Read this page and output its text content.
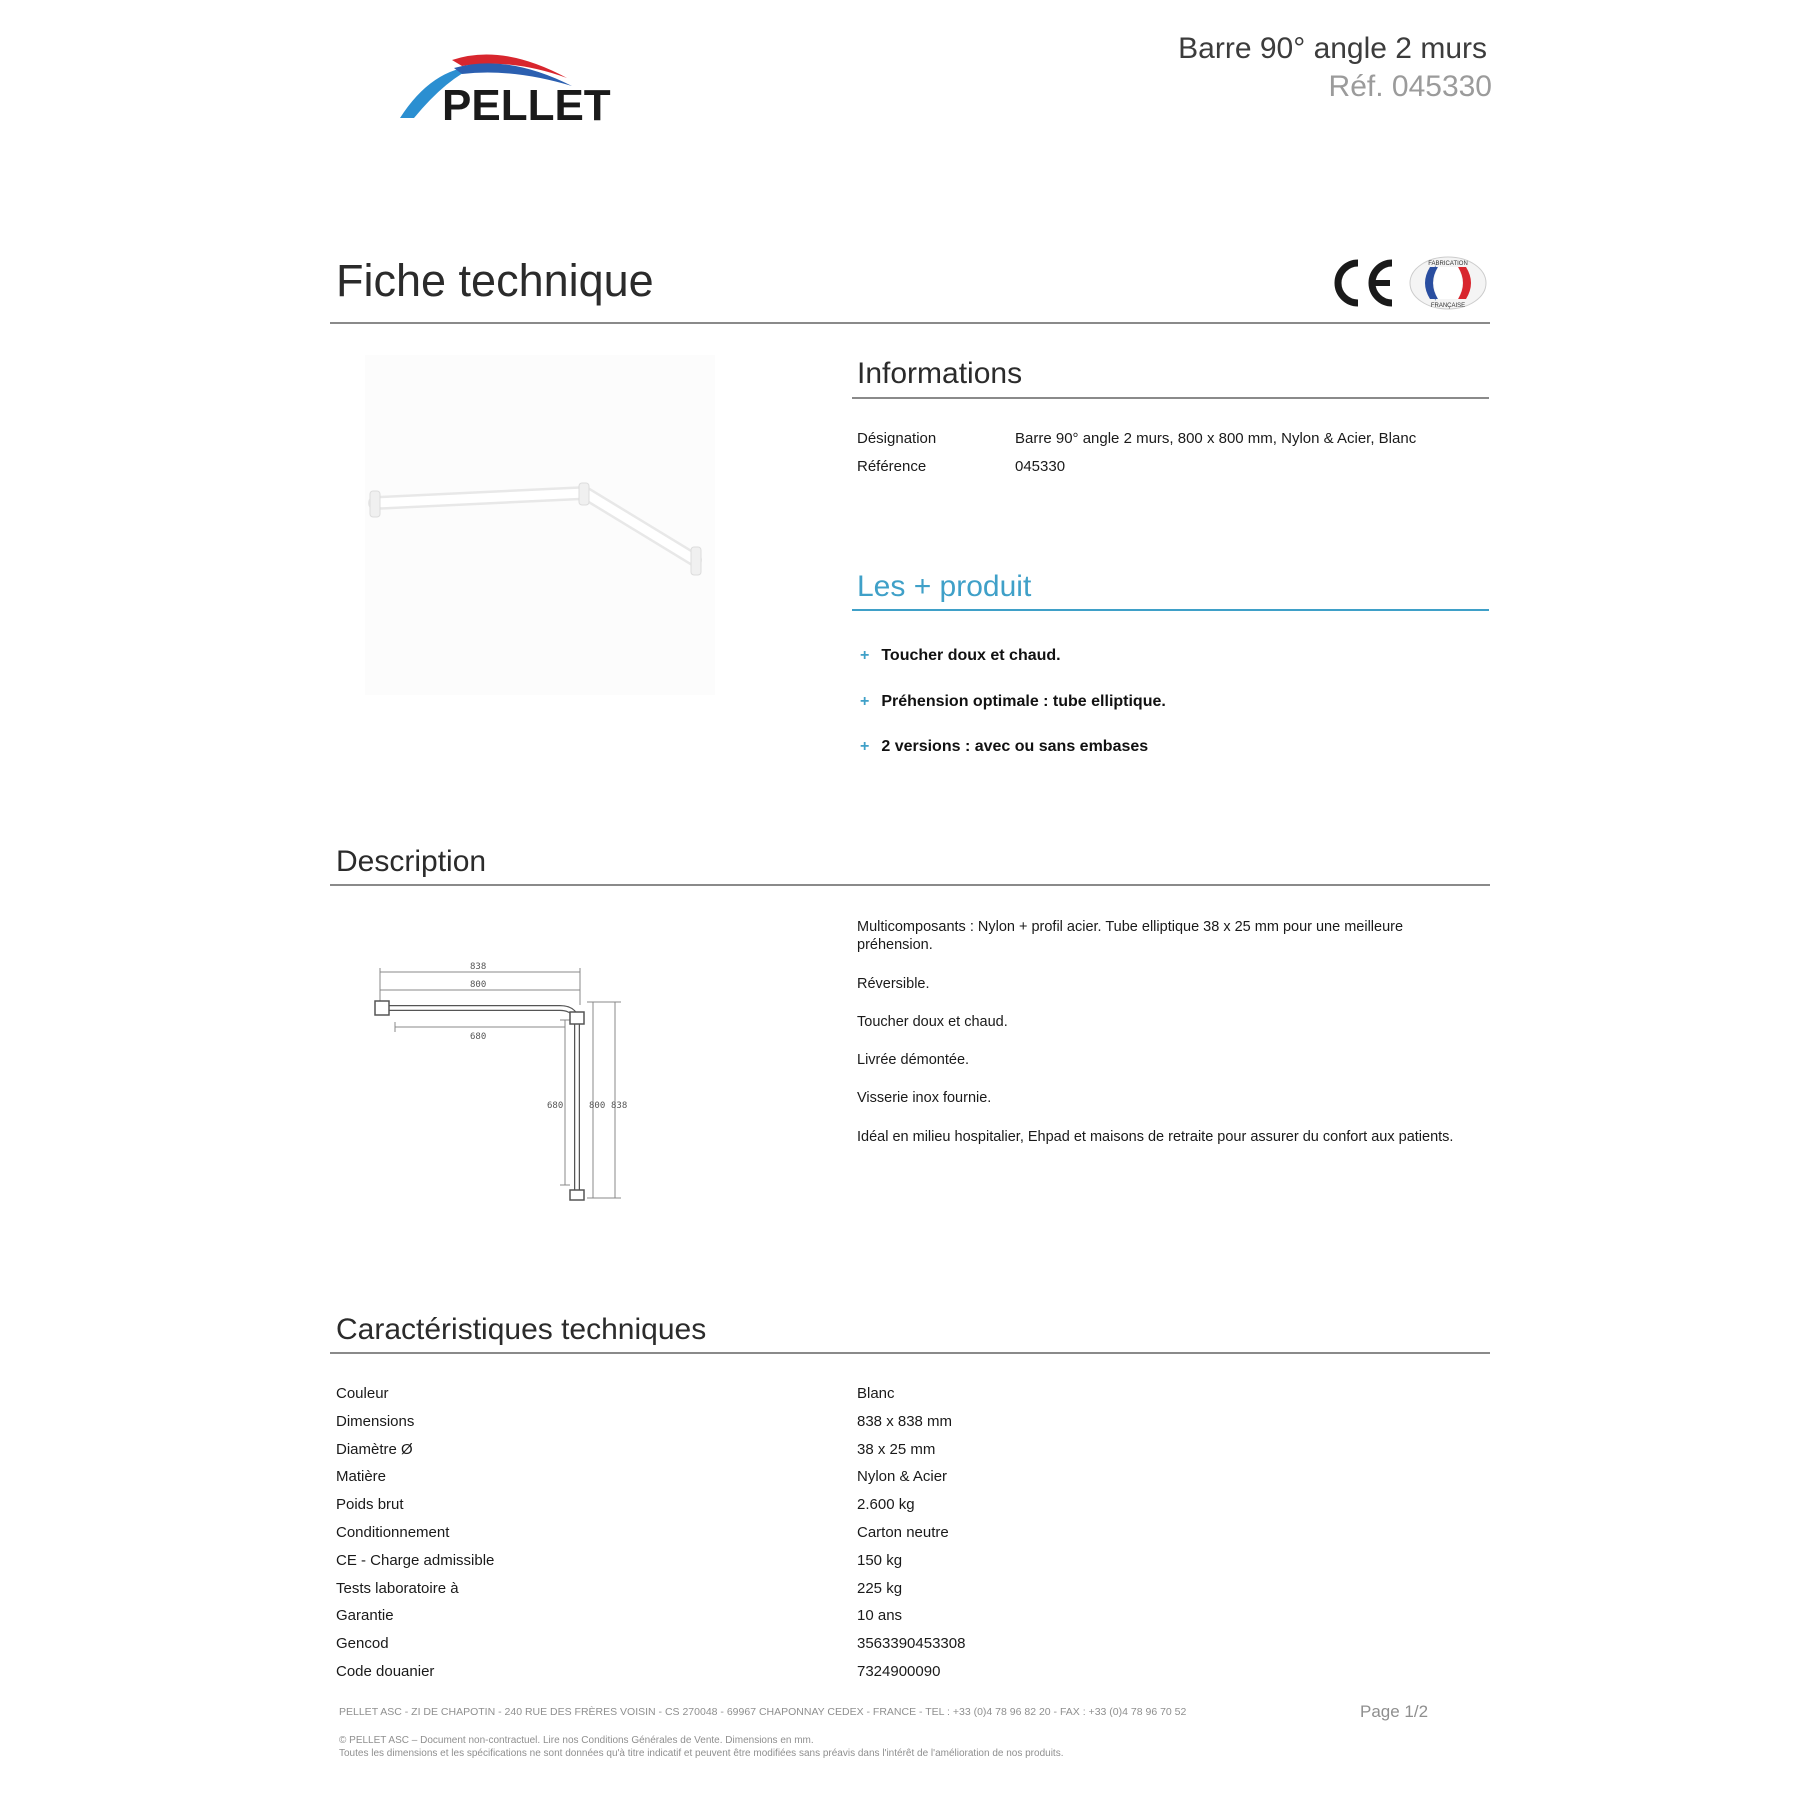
PELLET
Barre 90° angle 2 murs
Réf. 045330
Fiche technique	FABRICATION
FRANÇAISE
Informations
Désignation	Barre 90° angle 2 murs, 800 x 800 mm, Nylon & Acier, Blanc
Référence	045330
Les + produit
+ Toucher doux et chaud.
+ Préhension optimale : tube elliptique.
+ 2 versions : avec ou sans embases
Description
838
800
680
680	800 838
Multicomposants : Nylon + profil acier. Tube elliptique 38 x 25 mm pour une meilleure préhension.
Réversible.
Toucher doux et chaud.
Livrée démontée.
Visserie inox fournie.
Idéal en milieu hospitalier, Ehpad et maisons de retraite pour assurer du confort aux patients.
Caractéristiques techniques
Couleur	Blanc
Dimensions	838 x 838 mm
Diamètre Ø	38 x 25 mm
Matière	Nylon & Acier
Poids brut	2.600 kg
Conditionnement	Carton neutre
CE - Charge admissible	150 kg
Tests laboratoire à	225 kg
Garantie	10 ans
Gencod	3563390453308
Code douanier	7324900090
PELLET ASC - ZI DE CHAPOTIN - 240 RUE DES FRÈRES VOISIN - CS 270048 - 69967 CHAPONNAY CEDEX - FRANCE - TEL : +33 (0)4 78 96 82 20 - FAX : +33 (0)4 78 96 70 52	Page 1/2
© PELLET ASC – Document non-contractuel. Lire nos Conditions Générales de Vente. Dimensions en mm.
Toutes les dimensions et les spécifications ne sont données qu'à titre indicatif et peuvent être modifiées sans préavis dans l'intérêt de l'amélioration de nos produits.
